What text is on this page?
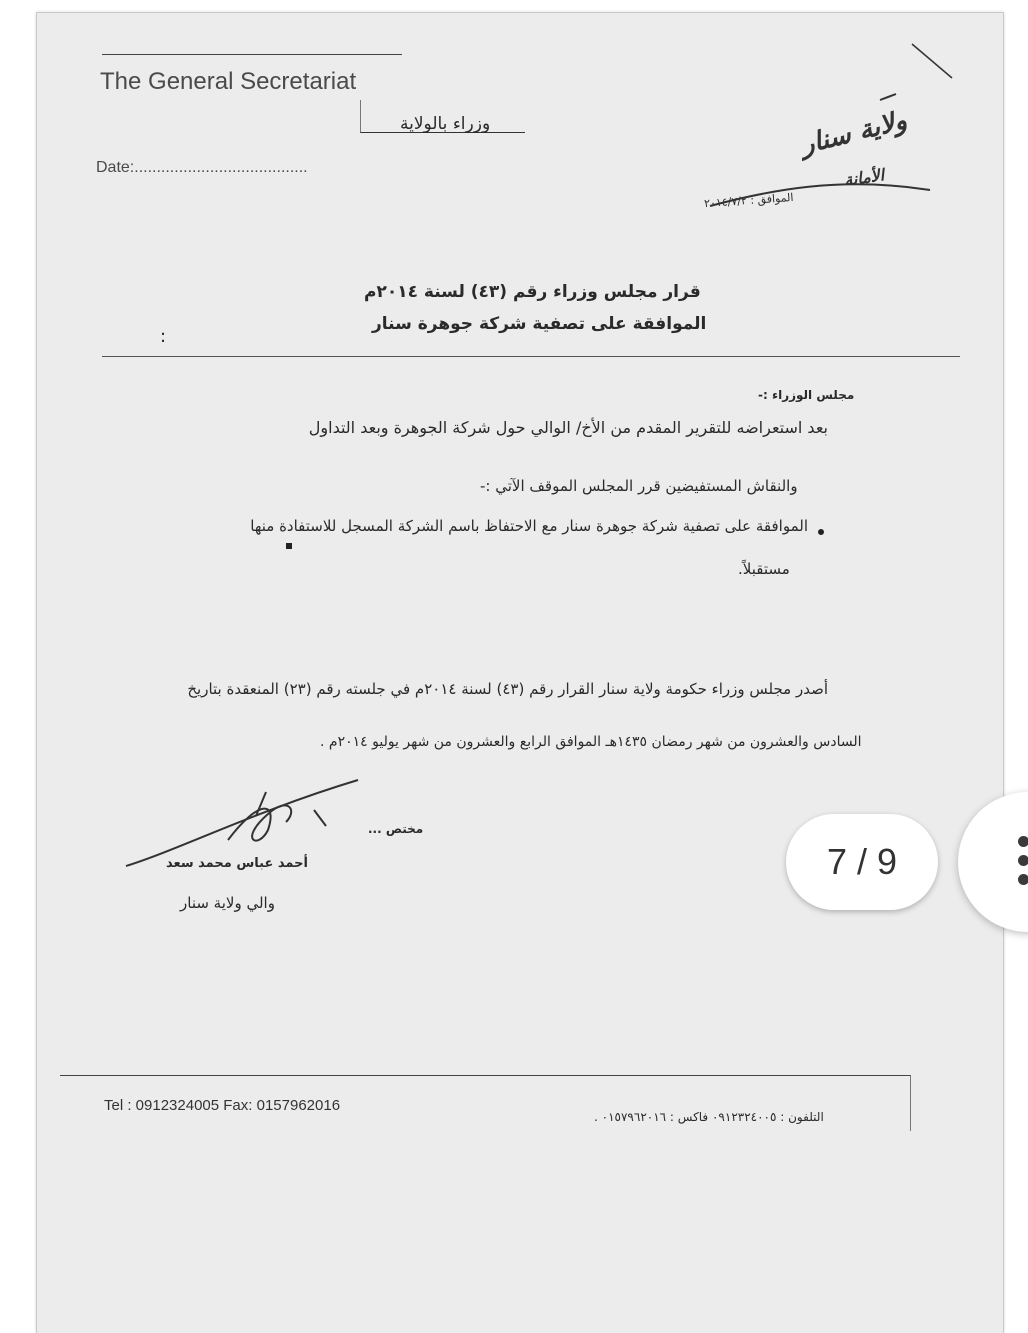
The General Secretariat
Date:.......................................
وزراء بالولاية	ولاية سنار
الأمانة
الموافق : ٢٠١٤/٧/٢
قرار مجلس وزراء رقم (٤٣) لسنة ٢٠١٤م
الموافقة على تصفية شركة جوهرة سنار
:
مجلس الوزراء :-
بعد استعراضه للتقرير المقدم من الأخ/ الوالي حول شركة الجوهرة وبعد التداول
والنقاش المستفيضين قرر المجلس الموقف الآتي :-
الموافقة على تصفية شركة جوهرة سنار مع الاحتفاظ باسم الشركة المسجل للاستفادة منها
مستقبلاً.
أصدر مجلس وزراء حكومة ولاية سنار القرار رقم (٤٣) لسنة ٢٠١٤م في جلسته رقم (٢٣) المنعقدة بتاريخ
السادس والعشرون من شهر رمضان ١٤٣٥هـ الموافق الرابع والعشرون من شهر يوليو ٢٠١٤م .
مختص ...
أحمد عباس محمد سعد
والي ولاية سنار
Tel : 0912324005 Fax: 0157962016
التلفون : ٠٩١٢٣٢٤٠٠٥ فاكس : ٠١٥٧٩٦٢٠١٦ .
7 / 9
